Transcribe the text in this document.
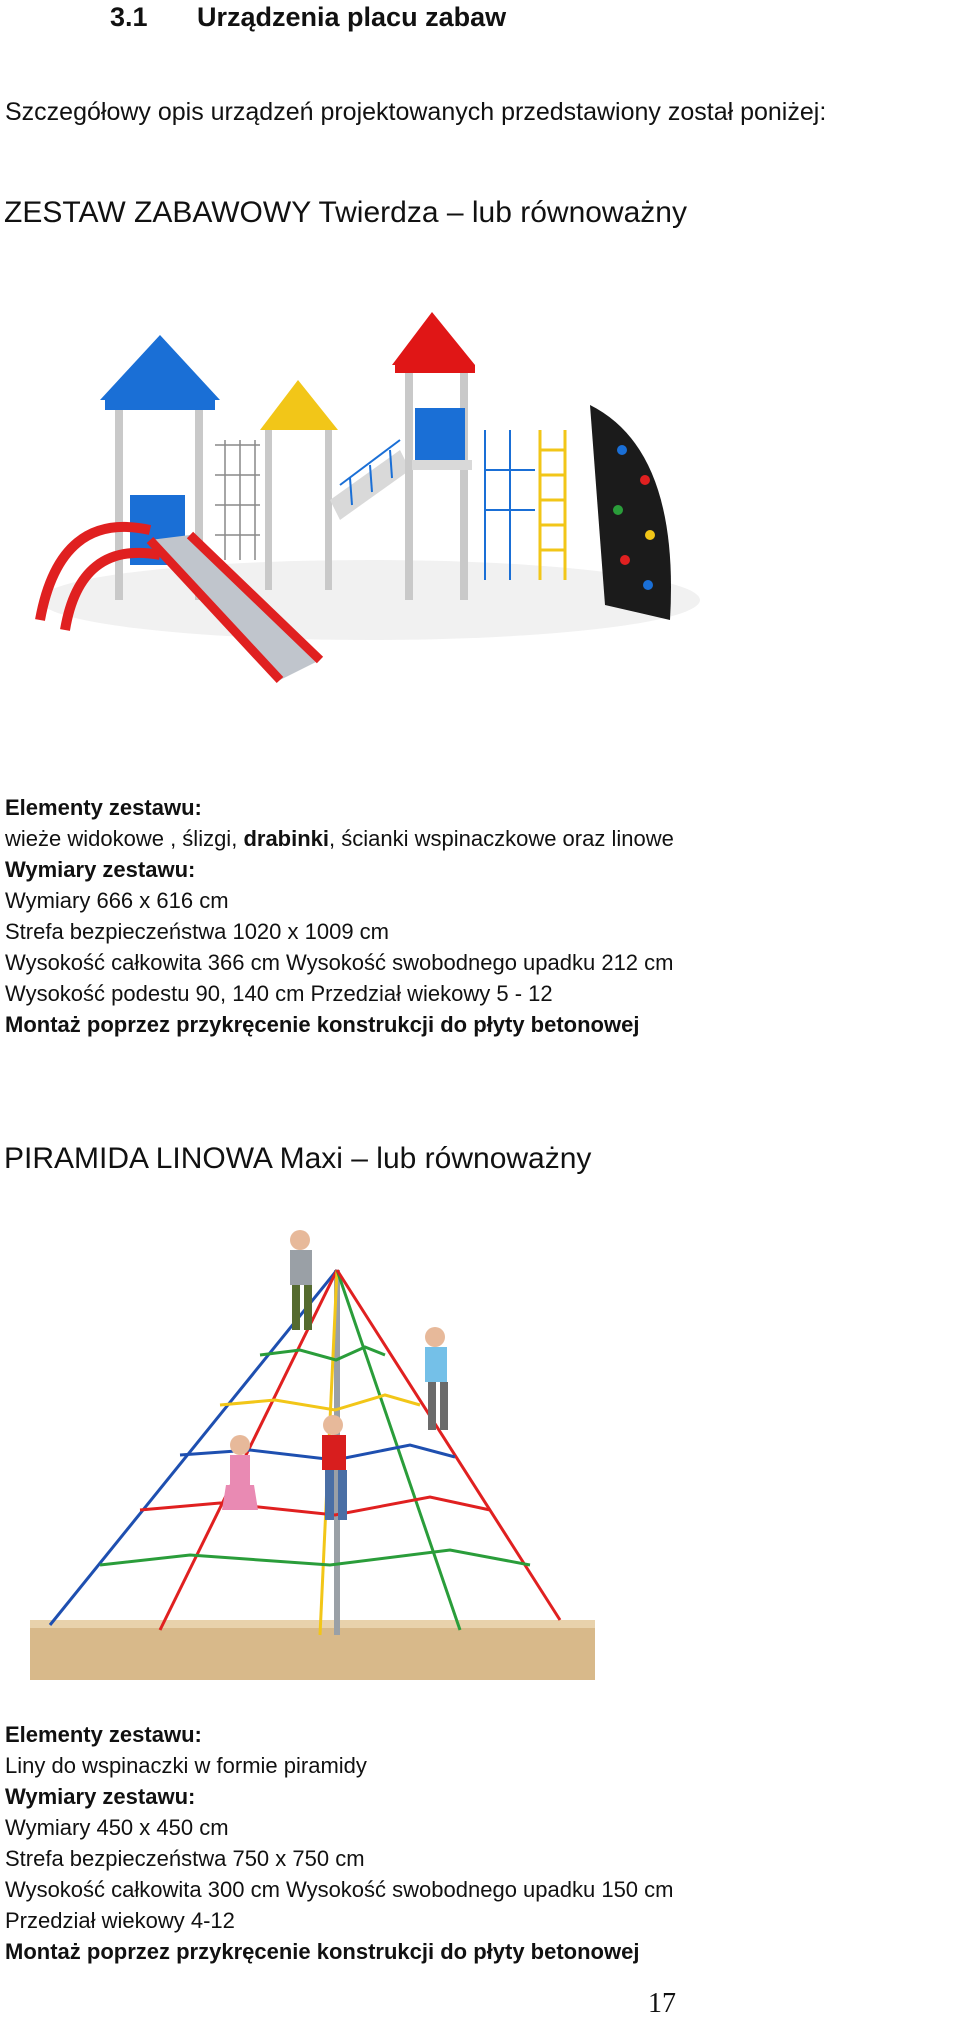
3.1 Urządzenia placu zabaw
Szczegółowy opis urządzeń projektowanych przedstawiony został poniżej:
ZESTAW ZABAWOWY Twierdza – lub równoważny
Elementy zestawu:
wieże widokowe , ślizgi, drabinki, ścianki wspinaczkowe oraz linowe
Wymiary zestawu:
Wymiary 666 x 616 cm
Strefa bezpieczeństwa 1020 x 1009 cm
Wysokość całkowita 366 cm Wysokość swobodnego upadku 212 cm
Wysokość podestu 90, 140 cm Przedział wiekowy 5 - 12
Montaż poprzez przykręcenie konstrukcji do płyty betonowej
PIRAMIDA LINOWA Maxi – lub równoważny
Elementy zestawu:
Liny do wspinaczki w formie piramidy
Wymiary zestawu:
Wymiary 450 x 450 cm
Strefa bezpieczeństwa 750 x 750 cm
Wysokość całkowita 300 cm Wysokość swobodnego upadku 150 cm
Przedział wiekowy 4-12
Montaż poprzez przykręcenie konstrukcji do płyty betonowej
17
